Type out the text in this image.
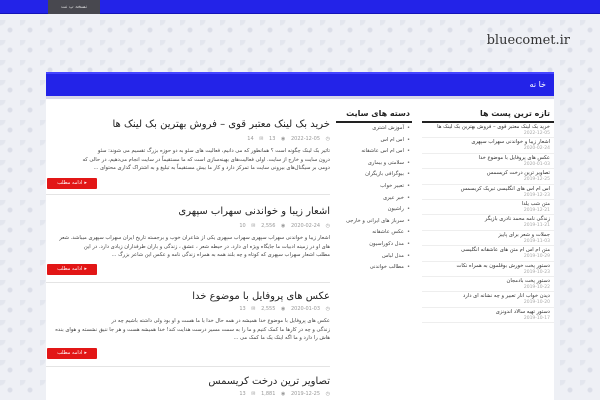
نسخه پ نت
bluecomet.ir
خا نه
خرید بک لینک معتبر قوی – فروش بهترین بک لینک ها
14 ✉ 13 ◉ 2022-12-05 ◷
تاثیر بک لینک چگونه است ؟ همانطور که می دانیم، فعالیت های سئو به دو حوزه بزرگ تقسیم می شوند: سئو
درون سایت و خارج از سایت. اولی فعالیت‌های بهینه‌سازی است که ما مستقیماً در سایت انجام می‌دهیم، در حالی که
دومی بر سیگنال‌های بیرونی سایت ما تمرکز دارد و کار ما بیش مستقیماً به تبلیغ و به اشتراک گذاری محتوای ...
▸ ادامه مطلب
اشعار زیبا و خواندنی سهراب سپهری
10 ✉ 2,556 ◉ 2020-02-24 ◷
اشعار زیبا و خواندنی سهراب سپهری سهراب سپهری یکی از شاعران خوب و برجسته تاریخ ایران سهراب سپهری میباشد. شعر
های او در زمینه ادبیات ما جایگاه ویژه ای دارد. در حیطه شعر ، عشق ، زندگی و باران طرفداران زیادی دارد. در این
مطلب اشعار سهراب سپهری که کوتاه و چه بلند همه به همراه زندگی نامه و عکس این شاعر بزرگ ...
▸ ادامه مطلب
عکس های پروفایل با موضوع خدا
13 ✉ 2,555 ◉ 2020-01-03 ◷
عکس های پروفایل با موضوع خدا همیشه در همه حال خدا با ما هست و او بود ولی داشته باشیم چه در
زندگی و چه در کارها ما کمک کنیم و ما را به سمت مسیر درست هدایت کند! خدا همیشه هست و هر جا ننیق نشسته و هوای بنده
هاش را دارد و ما اگه اینک یک ما کمک می ...
▸ ادامه مطلب
تصاویر ترین درخت کریسمس
13 ✉ 1,881 ◉ 2019-12-25 ◷
دسته های سایت
• آموزش اشتری
• اس ام اس
• اس ام اس عاشقانه
• سلامتی و بیماری
• بیوگرافی بازیگران
• تعبیر خواب
• خبر عیری
• راشیون
• سرباز های ایرانی و خارجی
• عکس عاشقانه
• مدل دکوراسیون
• مدل لباس
• مطالب خواندنی
تازه ترین پست ها
خرید بک لینک معتبر قوی – فروش بهترین بک لینک ها
2022-12-05
اشعار زیبا و خواندنی سهراب سپهری
2020-02-24
عکس های پروفایل با موضوع خدا
2020-01-03
تصاویر ترین درخت کریسمس
2019-12-25
اس ام اس های انگلیسی تبریک کریسمس
2019-12-23
متن شب یلدا
2019-12-21
زندگی نامه محمد نادری بازیگر
2019-11-21
جملات و شعر برای پاییز
2019-11-03
متن ام اس ام متن های عاشقانه انگلیسی
2019-10-29
دستور پخت خورش بوقلمون به همراه نکات
2019-10-23
دستور پخت بادمجان
2019-10-22
دیدن خواب انار تعبیر و چه نشانه ای دارد
2019-10-20
دستور تهیه سالاد اندونزی
2019-10-17
